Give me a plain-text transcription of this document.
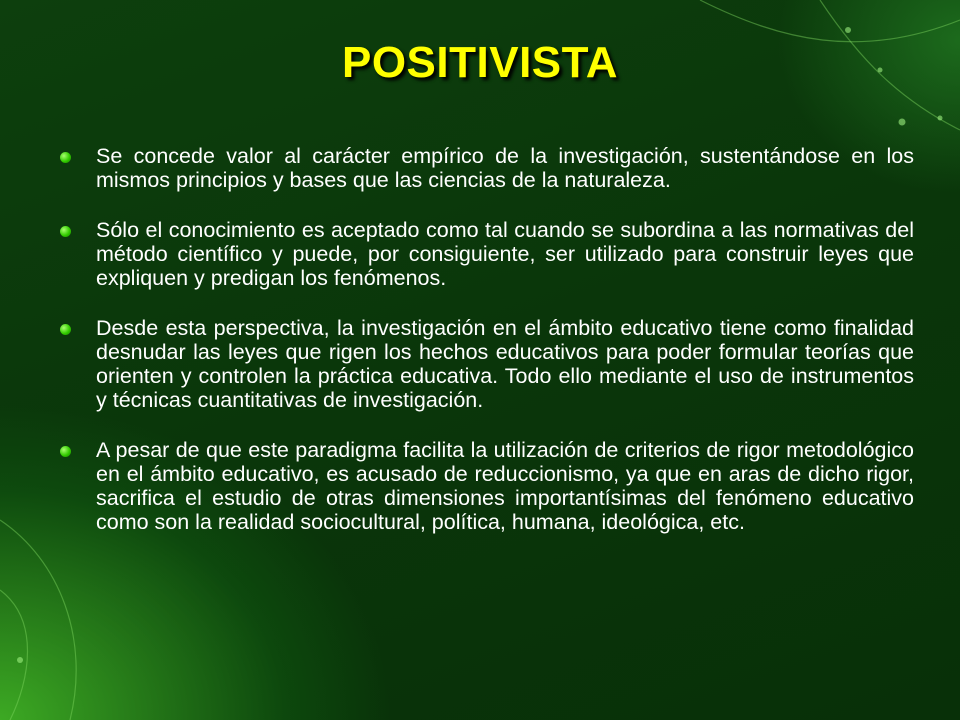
POSITIVISTA
Se concede valor al carácter empírico de la investigación, sustentándose en los mismos principios y bases que las ciencias de la naturaleza.
Sólo el conocimiento es aceptado como tal cuando se subordina a las normativas del método científico y puede, por consiguiente, ser utilizado para construir leyes que expliquen y predigan los fenómenos.
Desde esta perspectiva, la investigación en el ámbito educativo tiene como finalidad desnudar las leyes que rigen los hechos educativos para poder formular teorías que orienten y controlen la práctica educativa. Todo ello mediante el uso de instrumentos y técnicas cuantitativas de investigación.
A pesar de que este paradigma facilita la utilización de criterios de rigor metodológico en el ámbito educativo, es acusado de reduccionismo, ya que en aras de dicho rigor, sacrifica el estudio de otras dimensiones importantísimas del fenómeno educativo como son la realidad sociocultural, política, humana, ideológica, etc.
